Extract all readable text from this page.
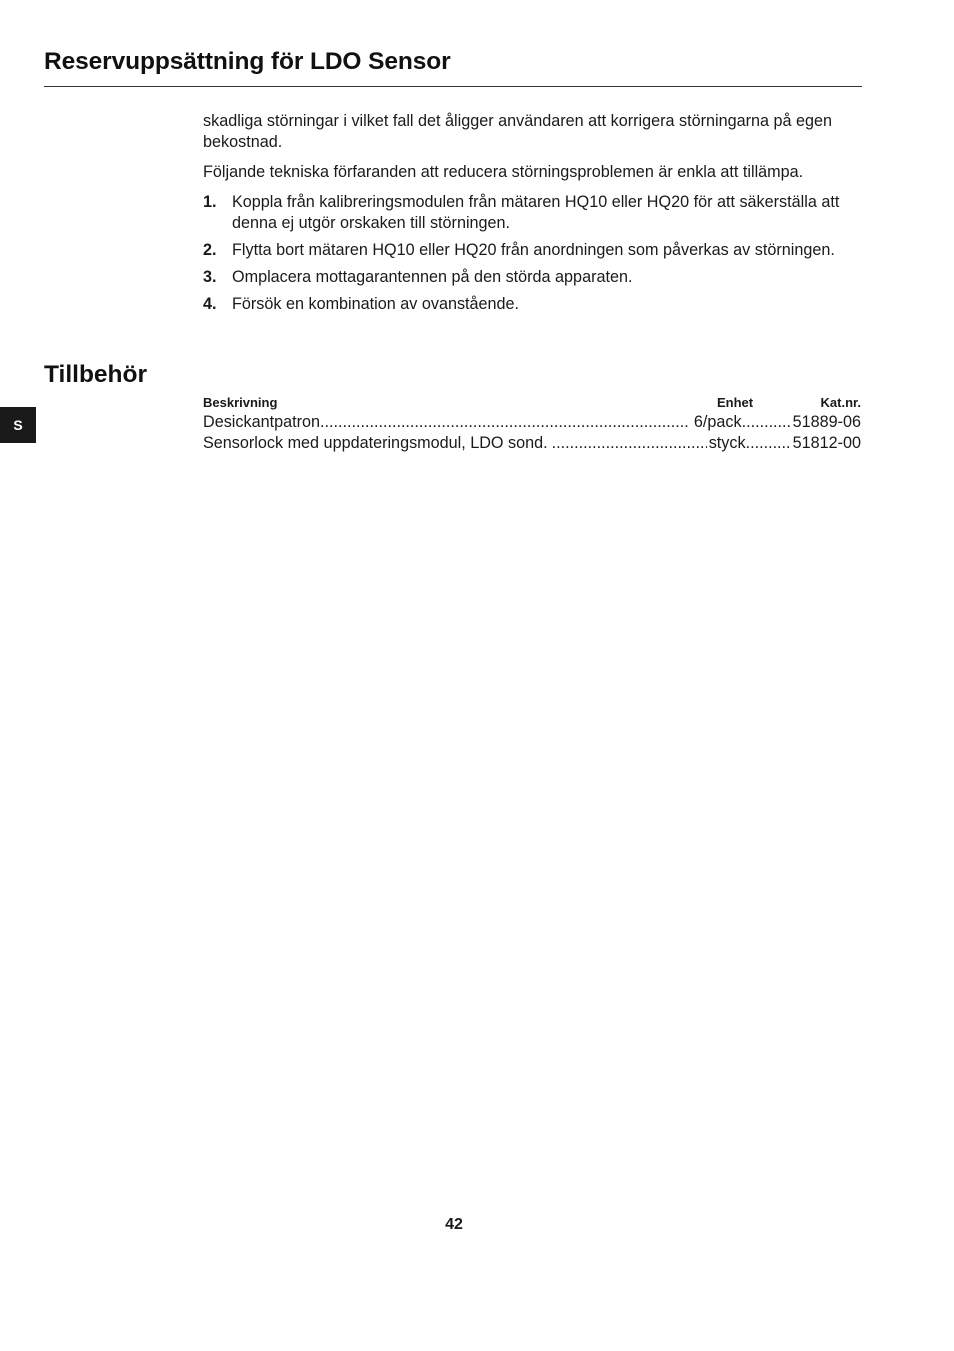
Reservuppsättning för LDO Sensor

skadliga störningar i vilket fall det åligger användaren att korrigera störningarna på egen bekostnad.

Följande tekniska förfaranden att reducera störningsproblemen är enkla att tillämpa.

1. Koppla från kalibreringsmodulen från mätaren HQ10 eller HQ20 för att säkerställa att denna ej utgör orskaken till störningen.
2. Flytta bort mätaren HQ10 eller HQ20 från anordningen som påverkas av störningen.
3. Omplacera mottagarantennen på den störda apparaten.
4. Försök en kombination av ovanstående.
Tillbehör
S
Beskrivning	Enhet	Kat.nr.
Desickantpatron .....	6/pack .....	51889-06
Sensorlock med uppdateringsmodul, LDO sond. .....	styck .....	51812-00
42
